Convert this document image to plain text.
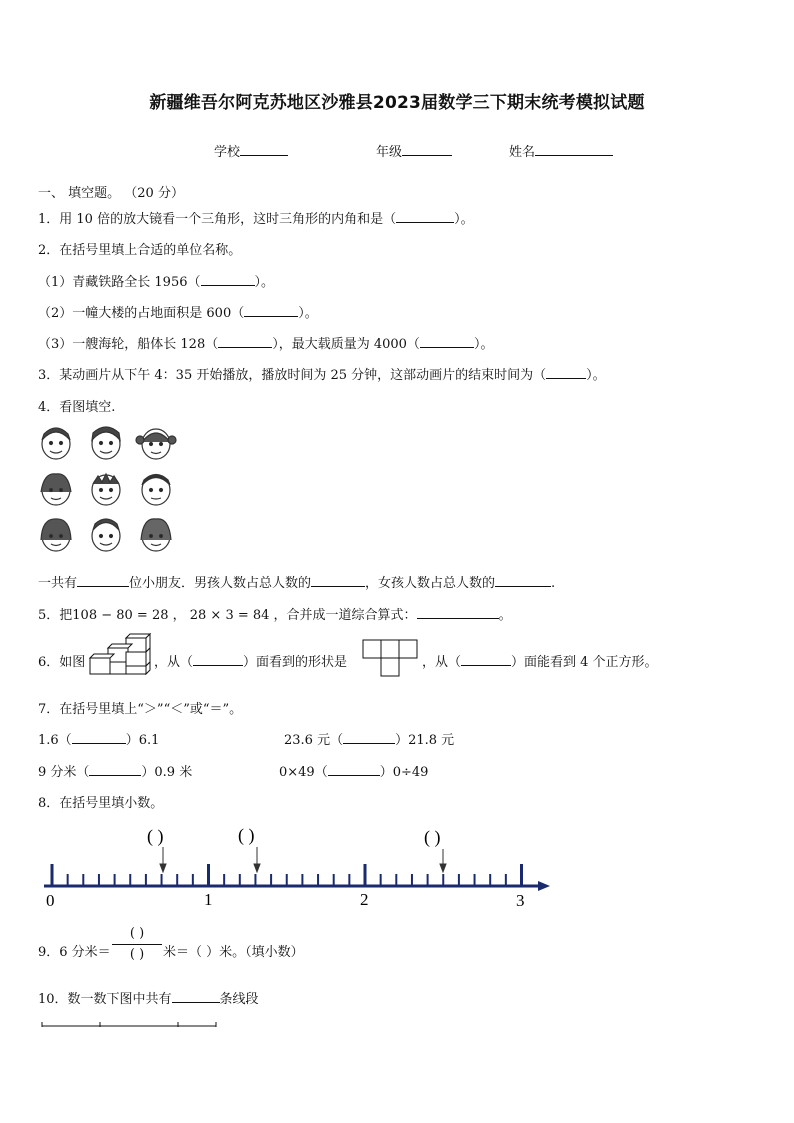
新疆维吾尔阿克苏地区沙雅县2023届数学三下期末统考模拟试题
学校	年级	姓名
一、 填空题。 （20 分）
1．用 10 倍的放大镜看一个三角形，这时三角形的内角和是（	）。
2．在括号里填上合适的单位名称。
（1）青藏铁路全长 1956（	）。
（2）一幢大楼的占地面积是 600（	）。
（3）一艘海轮，船体长 128（	），最大载质量为 4000（	）。
3．某动画片从下午 4：35 开始播放，播放时间为 25 分钟，这部动画片的结束时间为（	）。
4．看图填空.
一共有	位小朋友．男孩人数占总人数的	，女孩人数占总人数的	.
5．把108 − 80 = 28 ， 28 × 3 = 84 ，合并成一道综合算式：	。
6．如图	，从（	）面看到的形状是	，从（	）面能看到 4 个正方形。
7．在括号里填上“＞”“＜”或“＝”。
1.6（	）6.1	23.6 元（	）21.8 元
9 分米（	）0.9 米	0×49（	）0÷49
8．在括号里填小数。
( )	( )	( )
0	1	2	3
9．6 分米＝
( )
( )	米＝（ ）米。（填小数）
10．数一数下图中共有	条线段
